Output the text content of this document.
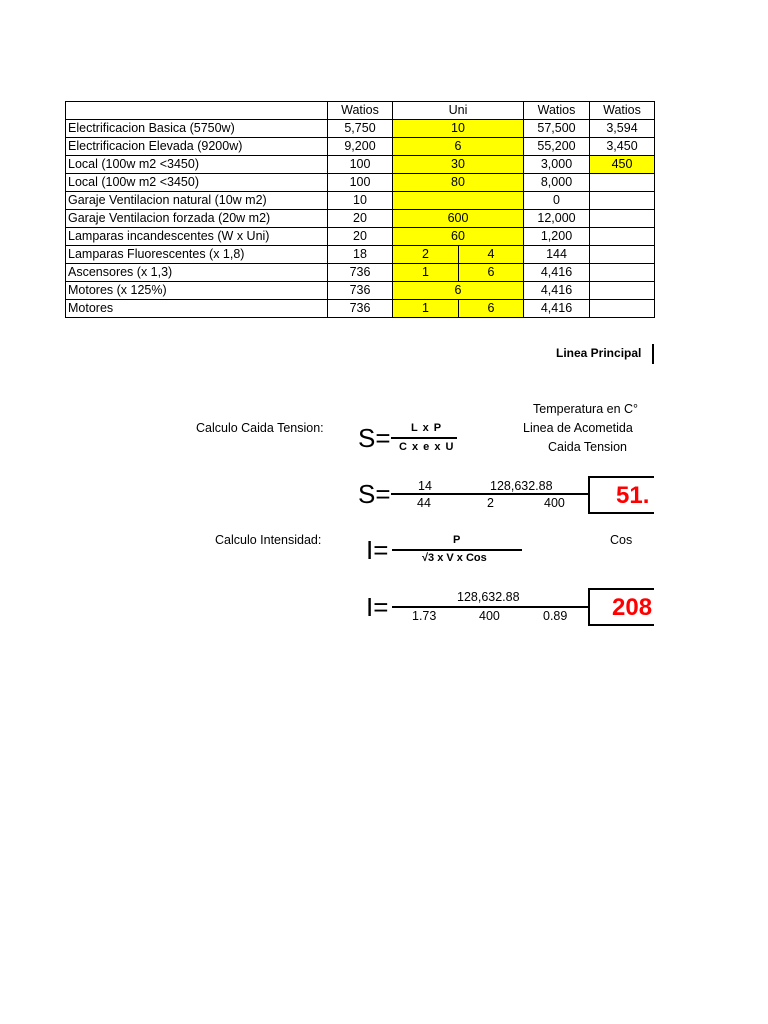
	Watios	Uni		Watios	Watios
Electrificacion Basica (5750w)	5,750	10		57,500	3,594
Electrificacion Elevada (9200w)	9,200	6		55,200	3,450
Local (100w m2 <3450)	100	30		3,000	450
Local (100w m2 <3450)	100	80		8,000	
Garaje Ventilacion natural (10w m2)	10			0	
Garaje Ventilacion forzada (20w m2)	20	600		12,000	
Lamparas incandescentes (W x Uni)	20	60		1,200	
Lamparas Fluorescentes (x 1,8)	18	2	4	144	
Ascensores (x 1,3)	736	1	6	4,416	
Motores (x 125%)	736	6		4,416	
Motores	736	1	6	4,416	
Linea Principal
Temperatura en C°
Linea de Acometida
Caida Tension
Cos
Calculo Caida Tension: S= L x P
C x e x U
S= 14	128,632.88
44	2	400	51.
Calculo Intensidad: I=	P
√3 x V x Cos
I=	128,632.88
1.73	400	0.89	208
